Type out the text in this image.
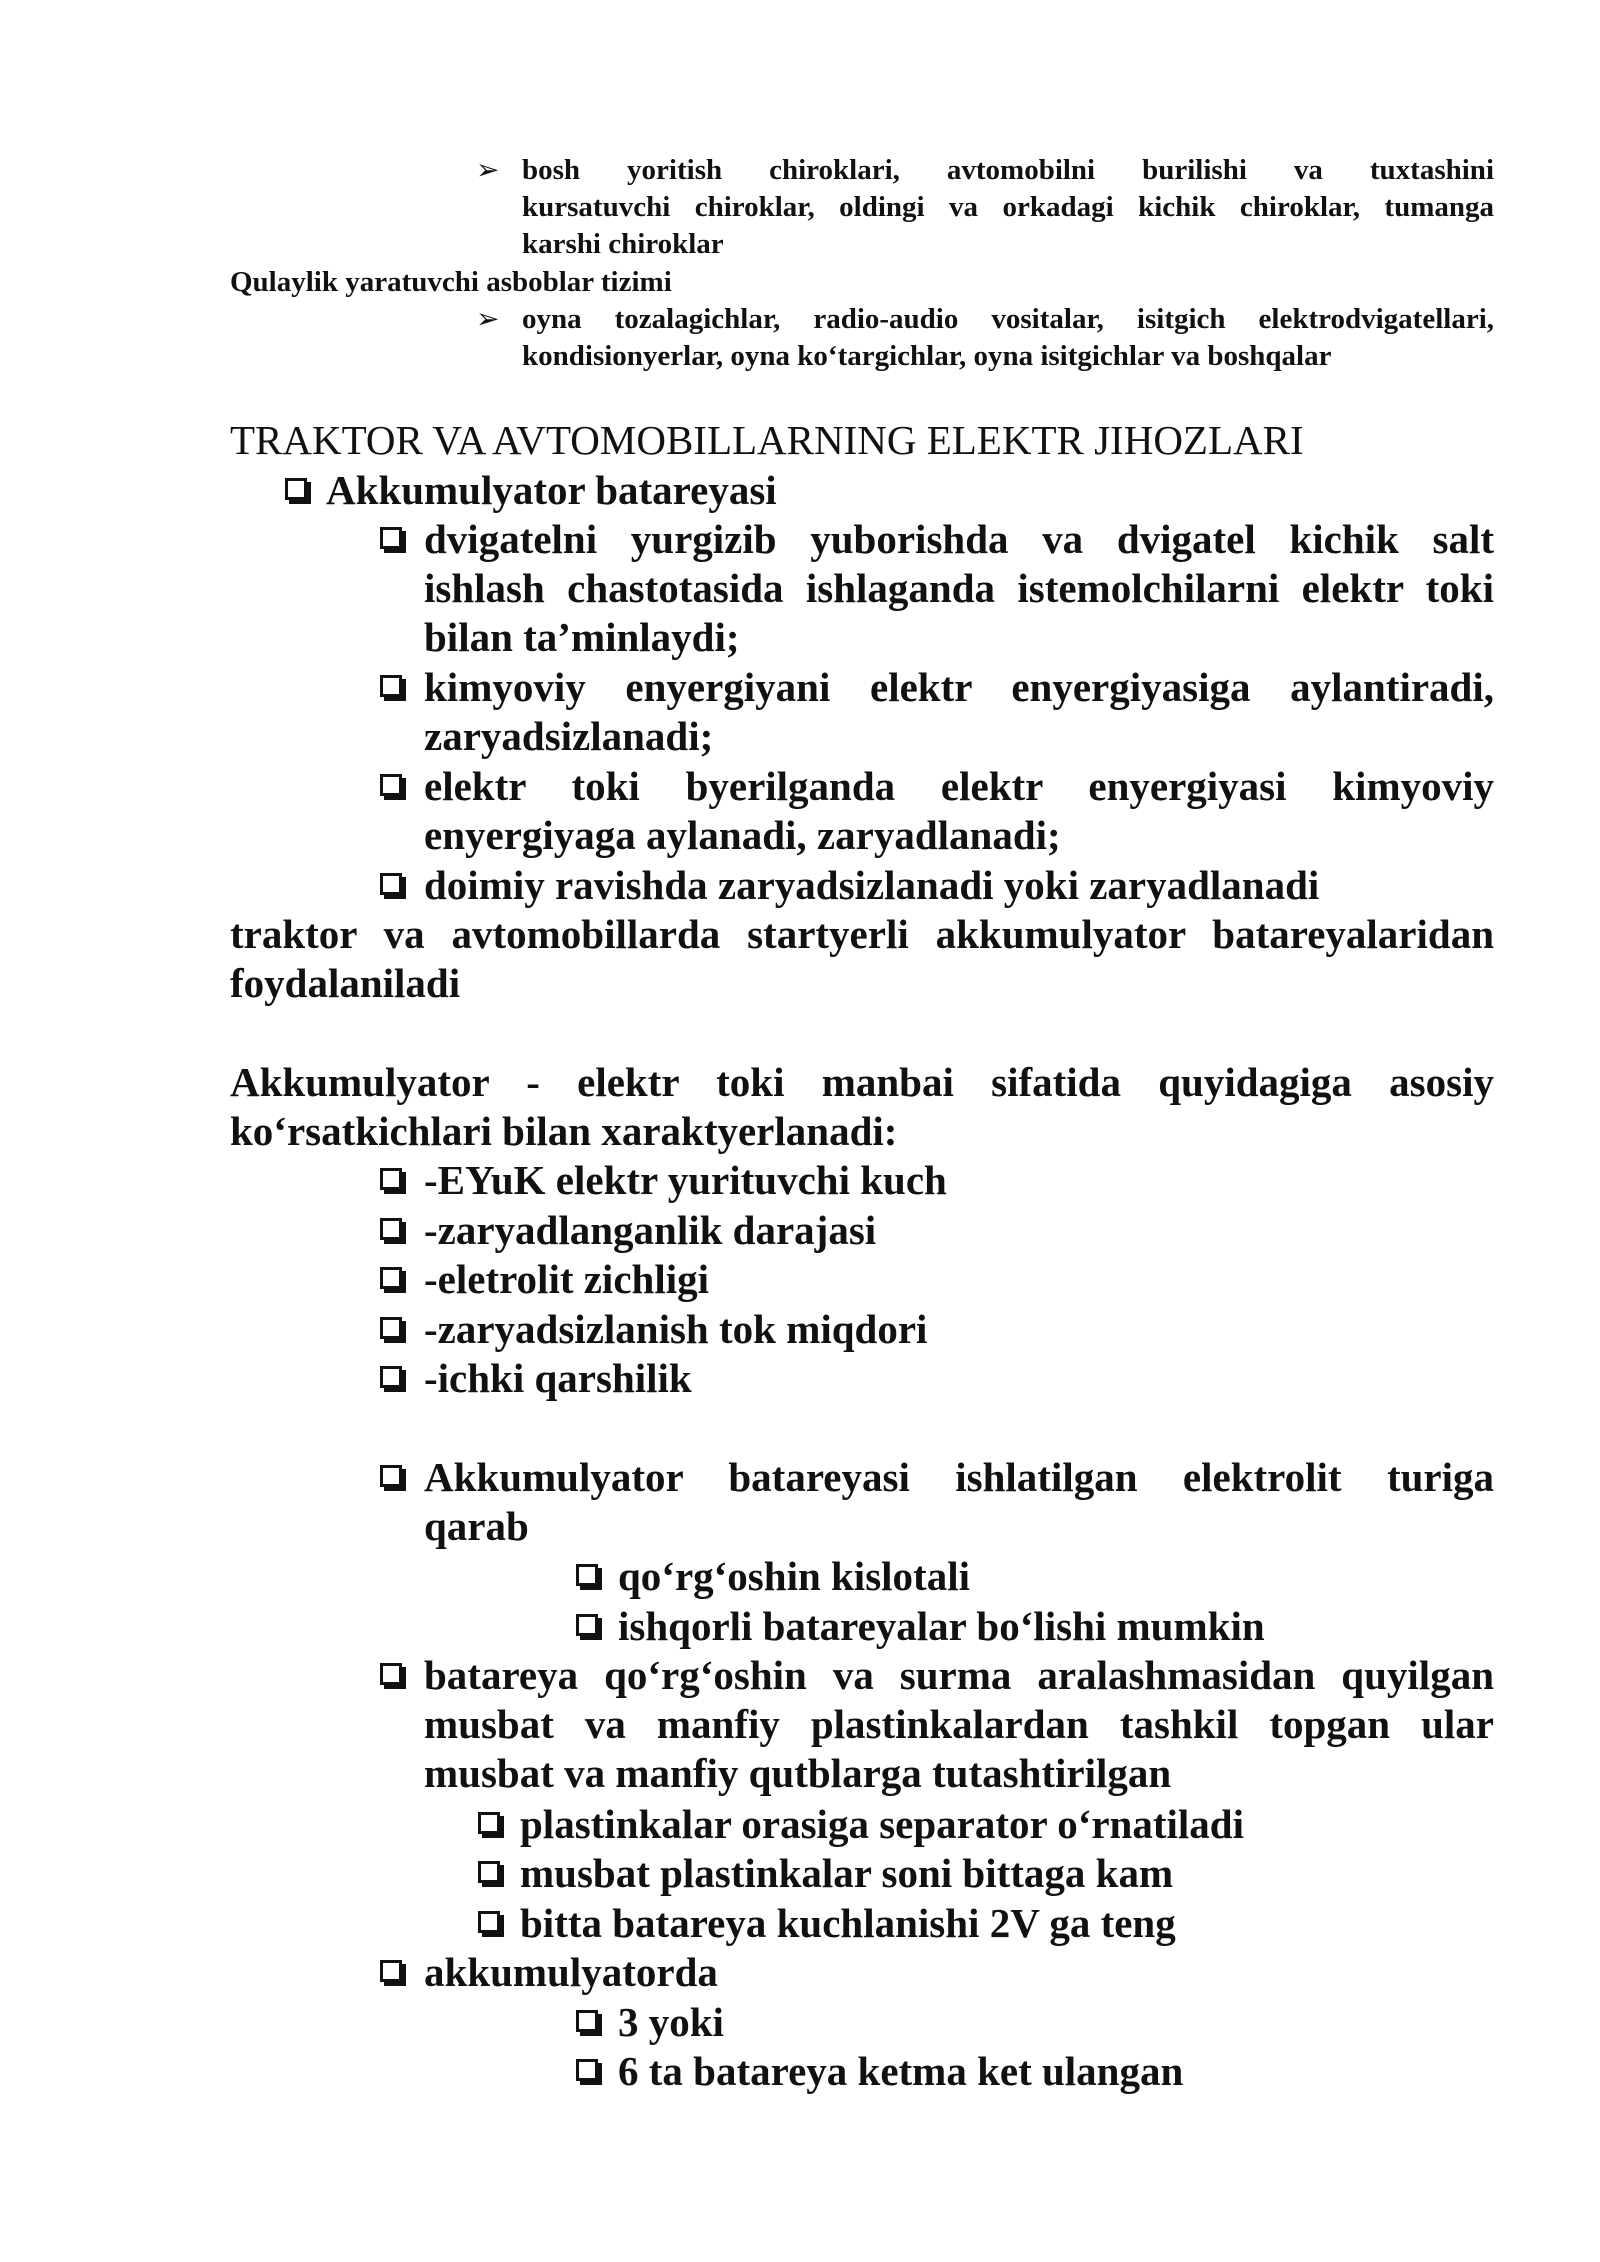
➢ bosh yoritish chiroklari, avtomobilni burilishi va tuxtashini
kursatuvchi chiroklar, oldingi va orkadagi kichik chiroklar, tumanga
karshi chiroklar
Qulaylik yaratuvchi asboblar tizimi
➢ oyna tozalagichlar, radio-audio vositalar, isitgich elektrodvigatellari,
kondisionyerlar, oyna ko‘targichlar, oyna isitgichlar va boshqalar
TRAKTOR VA AVTOMOBILLARNING ELEKTR JIHOZLARI
Akkumulyator batareyasi
dvigatelni yurgizib yuborishda va dvigatel kichik salt
ishlash chastotasida ishlaganda istemolchilarni elektr toki
bilan ta’minlaydi;
kimyoviy enyergiyani elektr enyergiyasiga aylantiradi,
zaryadsizlanadi;
elektr toki byerilganda elektr enyergiyasi kimyoviy
enyergiyaga aylanadi, zaryadlanadi;
doimiy ravishda zaryadsizlanadi yoki zaryadlanadi
traktor va avtomobillarda startyerli akkumulyator batareyalaridan
foydalaniladi
Akkumulyator - elektr toki manbai sifatida quyidagiga asosiy
ko‘rsatkichlari bilan xaraktyerlanadi:
-EYuK elektr yurituvchi kuch
-zaryadlanganlik darajasi
-eletrolit zichligi
-zaryadsizlanish tok miqdori
-ichki qarshilik
Akkumulyator batareyasi ishlatilgan elektrolit turiga
qarab
qo‘rg‘oshin kislotali
ishqorli batareyalar bo‘lishi mumkin
batareya qo‘rg‘oshin va surma aralashmasidan quyilgan
musbat va manfiy plastinkalardan tashkil topgan ular
musbat va manfiy qutblarga tutashtirilgan
plastinkalar orasiga separator o‘rnatiladi
musbat plastinkalar soni bittaga kam
bitta batareya kuchlanishi 2V ga teng
akkumulyatorda
3 yoki
6 ta batareya ketma ket ulangan
